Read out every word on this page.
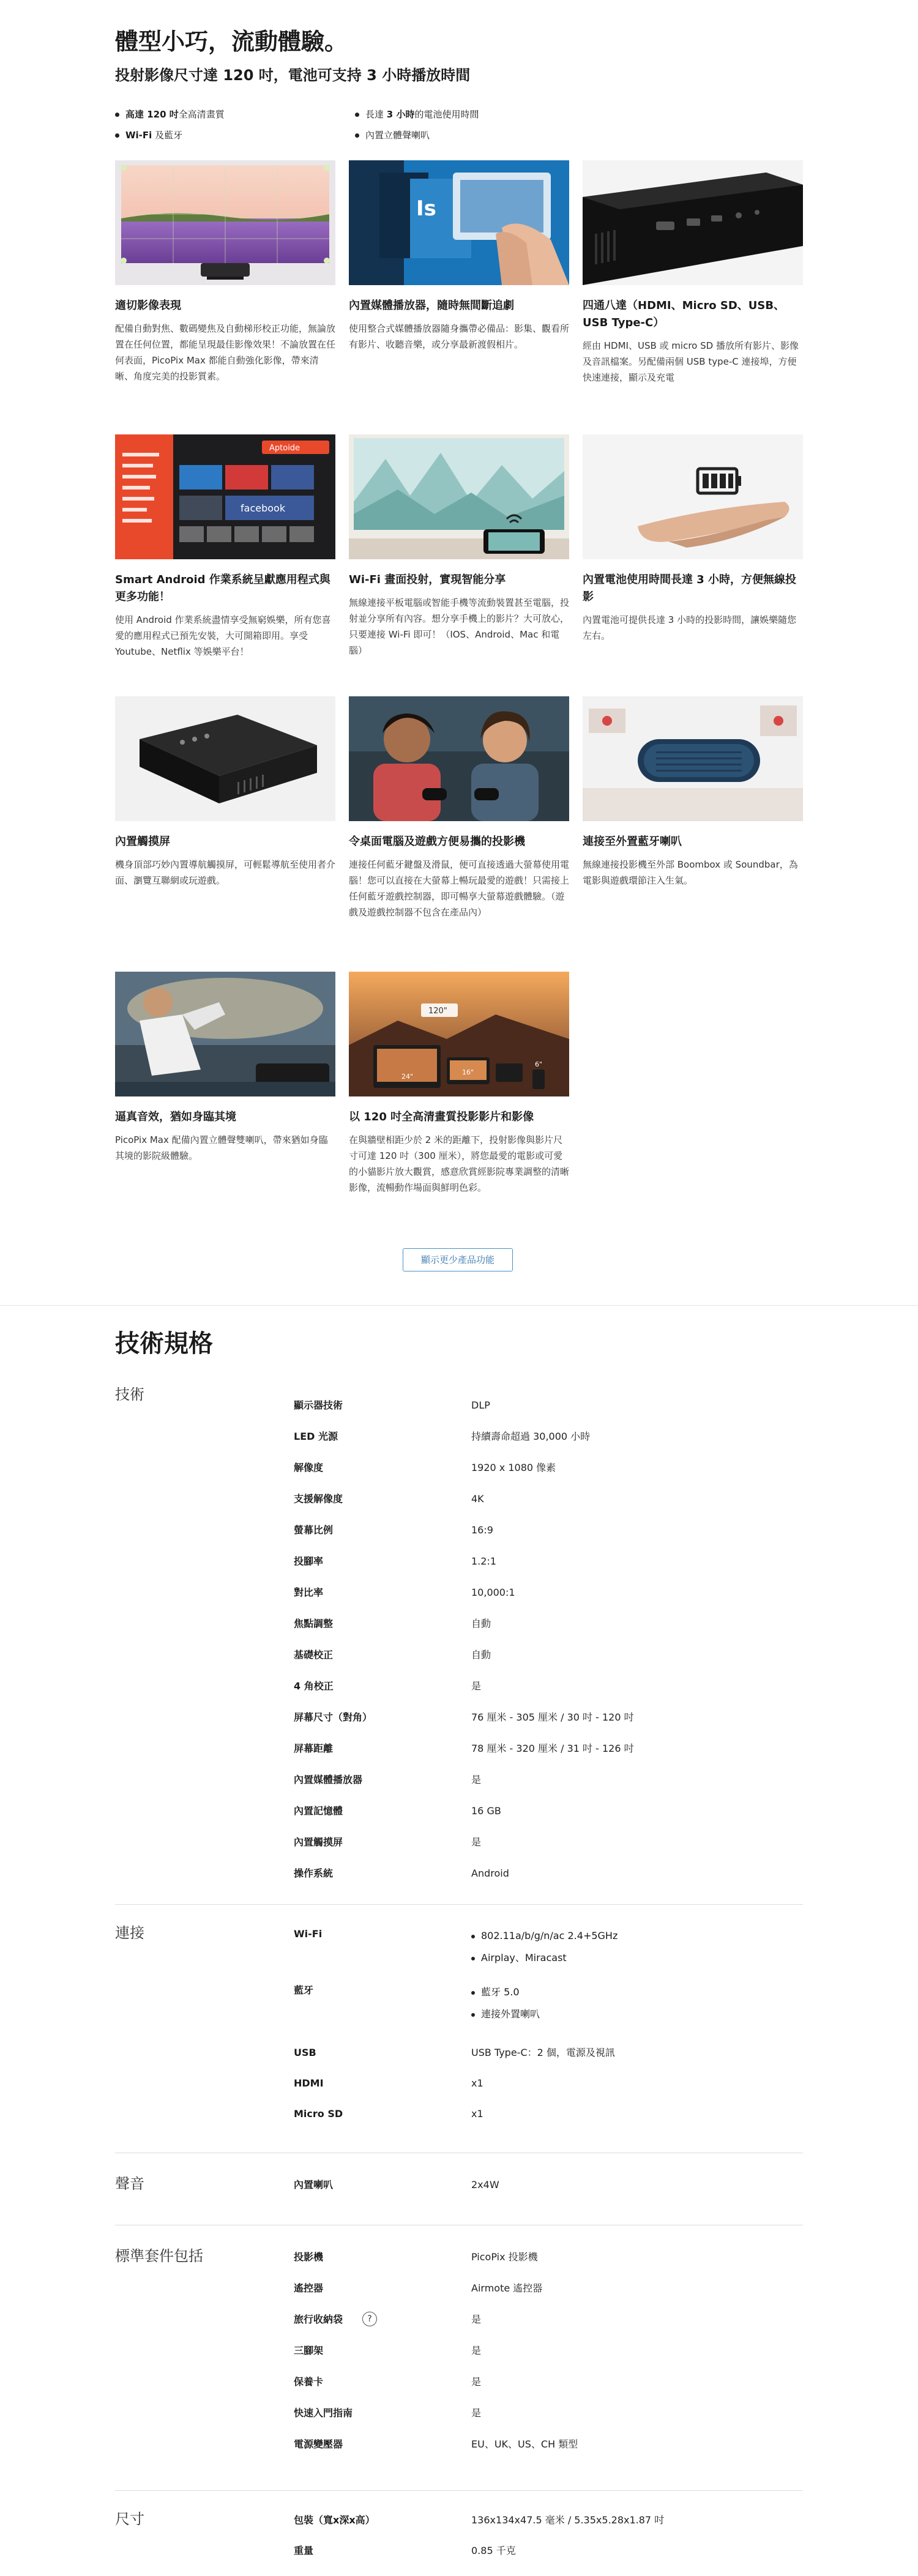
體型小巧，流動體驗。
投射影像尺寸達 120 吋，電池可支持 3 小時播放時間
高達 120 吋全高清畫質
Wi-Fi 及藍牙
長達 3 小時的電池使用時間
內置立體聲喇叭
適切影像表現
配備自動對焦、數碼變焦及自動梯形校正功能，無論放置在任何位置，都能呈現最佳影像效果！不論放置在任何表面，PicoPix Max 都能自動強化影像，帶來清晰、角度完美的投影質素。
Is
內置媒體播放器，隨時無間斷追劇
使用整合式媒體播放器隨身攜帶必備品：影集、觀看所有影片、收聽音樂，或分享最新渡假相片。
四通八達（HDMI、Micro SD、USB、USB Type-C）
經由 HDMI、USB 或 micro SD 播放所有影片、影像及音訊檔案。另配備兩個 USB type-C 連接埠，方便快速連接，顯示及充電
Aptoide
facebook
Smart Android 作業系統呈獻應用程式與更多功能！
使用 Android 作業系統盡情享受無窮娛樂，所有您喜愛的應用程式已預先安裝，大可開箱即用。享受 Youtube、Netflix 等娛樂平台！
Wi-Fi 畫面投射，實現智能分享
無線連接平板電腦或智能手機等流動裝置甚至電腦，投射並分享所有內容。想分享手機上的影片？大可放心，只要連接 Wi-Fi 即可！（IOS、Android、Mac 和電腦）
內置電池使用時間長達 3 小時，方便無線投影
內置電池可提供長達 3 小時的投影時間，讓娛樂隨您左右。
內置觸摸屏
機身頂部巧妙內置導航觸摸屏，可輕鬆導航至使用者介面、瀏覽互聯網或玩遊戲。
令桌面電腦及遊戲方便易攜的投影機
連接任何藍牙鍵盤及滑鼠，便可直接透過大螢幕使用電腦！您可以直接在大螢幕上暢玩最愛的遊戲！只需接上任何藍牙遊戲控制器，即可暢享大螢幕遊戲體驗。（遊戲及遊戲控制器不包含在產品內）
連接至外置藍牙喇叭
無線連接投影機至外部 Boombox 或 Soundbar，為電影與遊戲環節注入生氣。
逼真音效，猶如身臨其境
PicoPix Max 配備內置立體聲雙喇叭，帶來猶如身臨其境的影院級體驗。
120"
24"
16"
6"
以 120 吋全高清畫質投影影片和影像
在與牆壁相距少於 2 米的距離下，投射影像與影片尺寸可達 120 吋（300 厘米），將您最愛的電影或可愛的小貓影片放大觀賞，感意欣賞經影院專業調整的清晰影像，流暢動作場面與鮮明色彩。
顯示更少產品功能
技術規格
技術
顯示器技術	DLP
LED 光源	持續壽命超過 30,000 小時
解像度	1920 x 1080 像素
支援解像度	4K
螢幕比例	16:9
投腳率	1.2:1
對比率	10,000:1
焦點調整	自動
基礎校正	自動
4 角校正	是
屏幕尺寸（對角）	76 厘米 - 305 厘米 / 30 吋 - 120 吋
屏幕距離	78 厘米 - 320 厘米 / 31 吋 - 126 吋
內置媒體播放器	是
內置記憶體	16 GB
內置觸摸屏	是
操作系統	Android
連接	Wi-Fi	802.11a/b/g/n/ac 2.4+5GHz
Airplay、Miracast
藍牙	藍牙 5.0
連接外置喇叭
USB	USB Type-C：2 個，電源及視訊
HDMI	x1
Micro SD	x1
聲音	內置喇叭	2x4W
標準套件包括	投影機	PicoPix 投影機
遙控器	Airmote 遙控器
旅行收納袋	?	是
三腳架	是
保養卡	是
快速入門指南	是
電源變壓器	EU、UK、US、CH 類型
尺寸	包裝（寬x深x高）	136x134x47.5 毫米 / 5.35x5.28x1.87 吋
重量	0.85 千克
